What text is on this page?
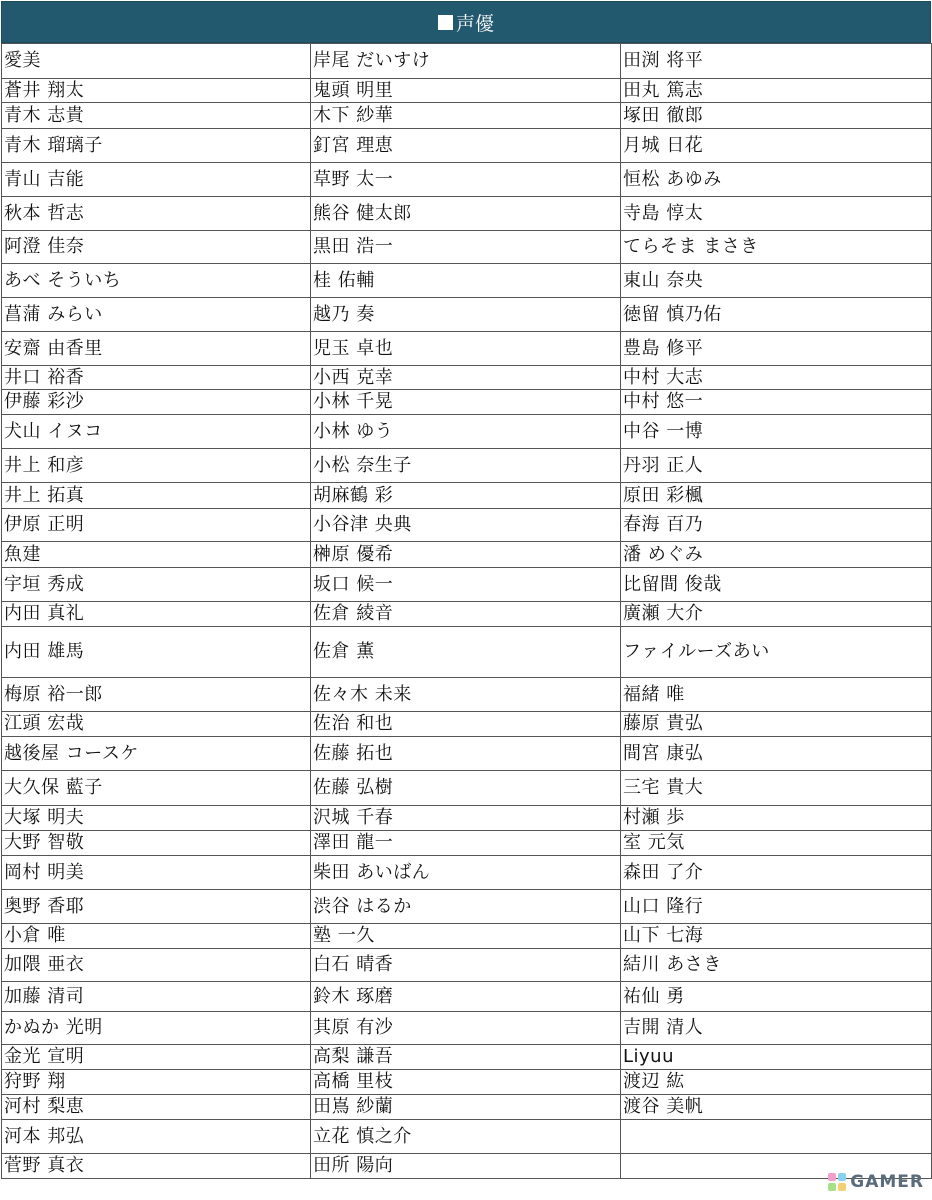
声優
愛美	岸尾 だいすけ	田渕 将平
蒼井 翔太	鬼頭 明里	田丸 篤志
青木 志貴	木下 紗華	塚田 徹郎
青木 瑠璃子	釘宮 理恵	月城 日花
青山 吉能	草野 太一	恒松 あゆみ
秋本 哲志	熊谷 健太郎	寺島 惇太
阿澄 佳奈	黒田 浩一	てらそま まさき
あべ そういち	桂 佑輔	東山 奈央
菖蒲 みらい	越乃 奏	徳留 慎乃佑
安齋 由香里	児玉 卓也	豊島 修平
井口 裕香	小西 克幸	中村 大志
伊藤 彩沙	小林 千晃	中村 悠一
犬山 イヌコ	小林 ゆう	中谷 一博
井上 和彦	小松 奈生子	丹羽 正人
井上 拓真	胡麻鶴 彩	原田 彩楓
伊原 正明	小谷津 央典	春海 百乃
魚建	榊原 優希	潘 めぐみ
宇垣 秀成	坂口 候一	比留間 俊哉
内田 真礼	佐倉 綾音	廣瀬 大介
内田 雄馬	佐倉 薫	ファイルーズあい
梅原 裕一郎	佐々木 未来	福緒 唯
江頭 宏哉	佐治 和也	藤原 貴弘
越後屋 コースケ	佐藤 拓也	間宮 康弘
大久保 藍子	佐藤 弘樹	三宅 貴大
大塚 明夫	沢城 千春	村瀬 歩
大野 智敬	澤田 龍一	室 元気
岡村 明美	柴田 あいばん	森田 了介
奥野 香耶	渋谷 はるか	山口 隆行
小倉 唯	塾 一久	山下 七海
加隈 亜衣	白石 晴香	結川 あさき
加藤 清司	鈴木 琢磨	祐仙 勇
かぬか 光明	其原 有沙	吉開 清人
金光 宣明	高梨 謙吾	Liyuu
狩野 翔	高橋 里枝	渡辺 紘
河村 梨恵	田嶌 紗蘭	渡谷 美帆
河本 邦弘	立花 慎之介	
菅野 真衣	田所 陽向	
GAMER
